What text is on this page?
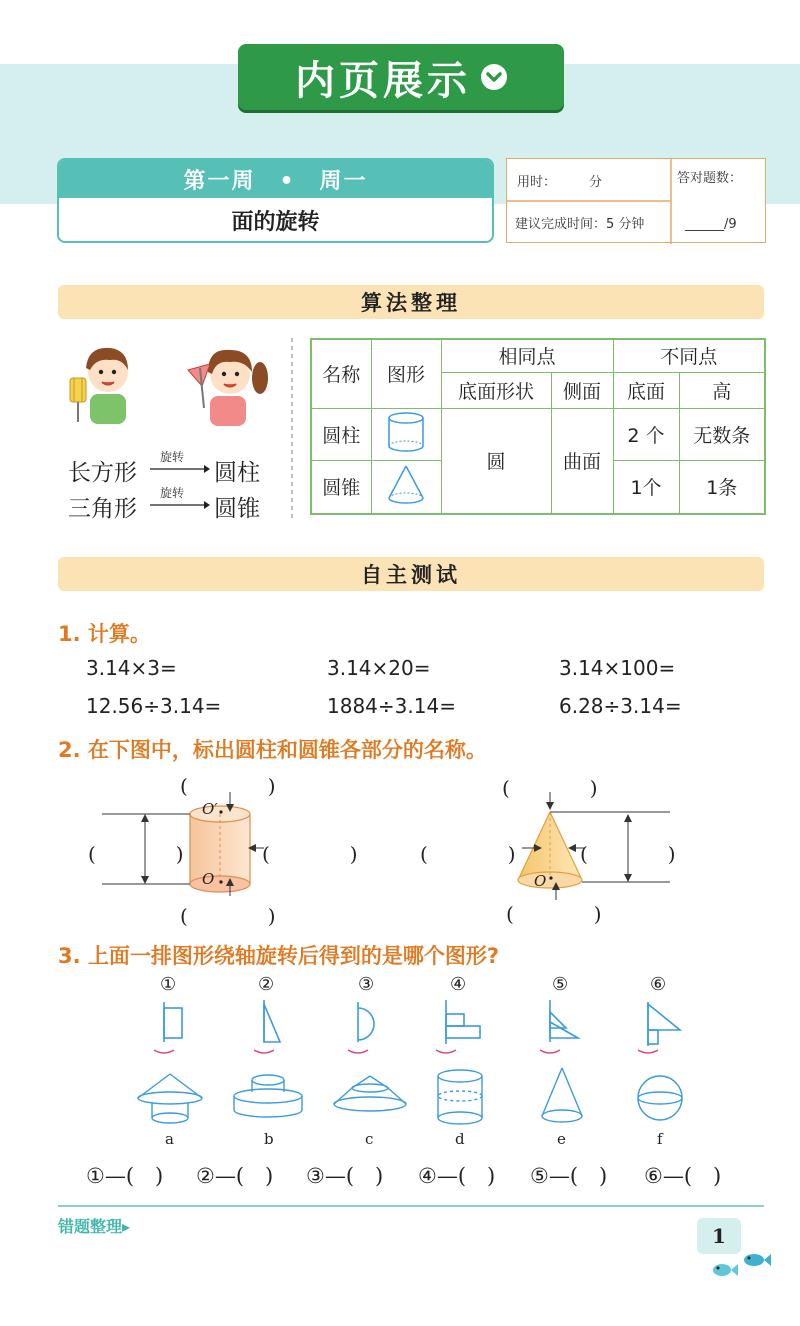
内页展示
第一周　•　周一
面的旋转
用时：	分
建议完成时间：5 分钟
答对题数：
______/9
算法整理
长方形
旋转
圆柱
三角形
旋转
圆锥
名称	图形	相同点		不同点	
		底面形状	侧面	底面	高
圆柱		圆	曲面	2 个	无数条
圆锥				1个	1条
自主测试
1. 计算。
3.14×3=	3.14×20=	3.14×100=
12.56÷3.14=	1884÷3.14=	6.28÷3.14=
2. 在下图中，标出圆柱和圆锥各部分的名称。
O′
O
(　　　　)
(　　　　)	(　　　　)
(　　　　)
O
(　　　　)
(　　　　)	(　　　　)
(　　　　)
3. 上面一排图形绕轴旋转后得到的是哪个图形?
①	②	③	④	⑤	⑥
a	b	c	d	e	f
①—(　) ②—(　) ③—(　) ④—(　) ⑤—(　) ⑥—(　)
错题整理▸	1
